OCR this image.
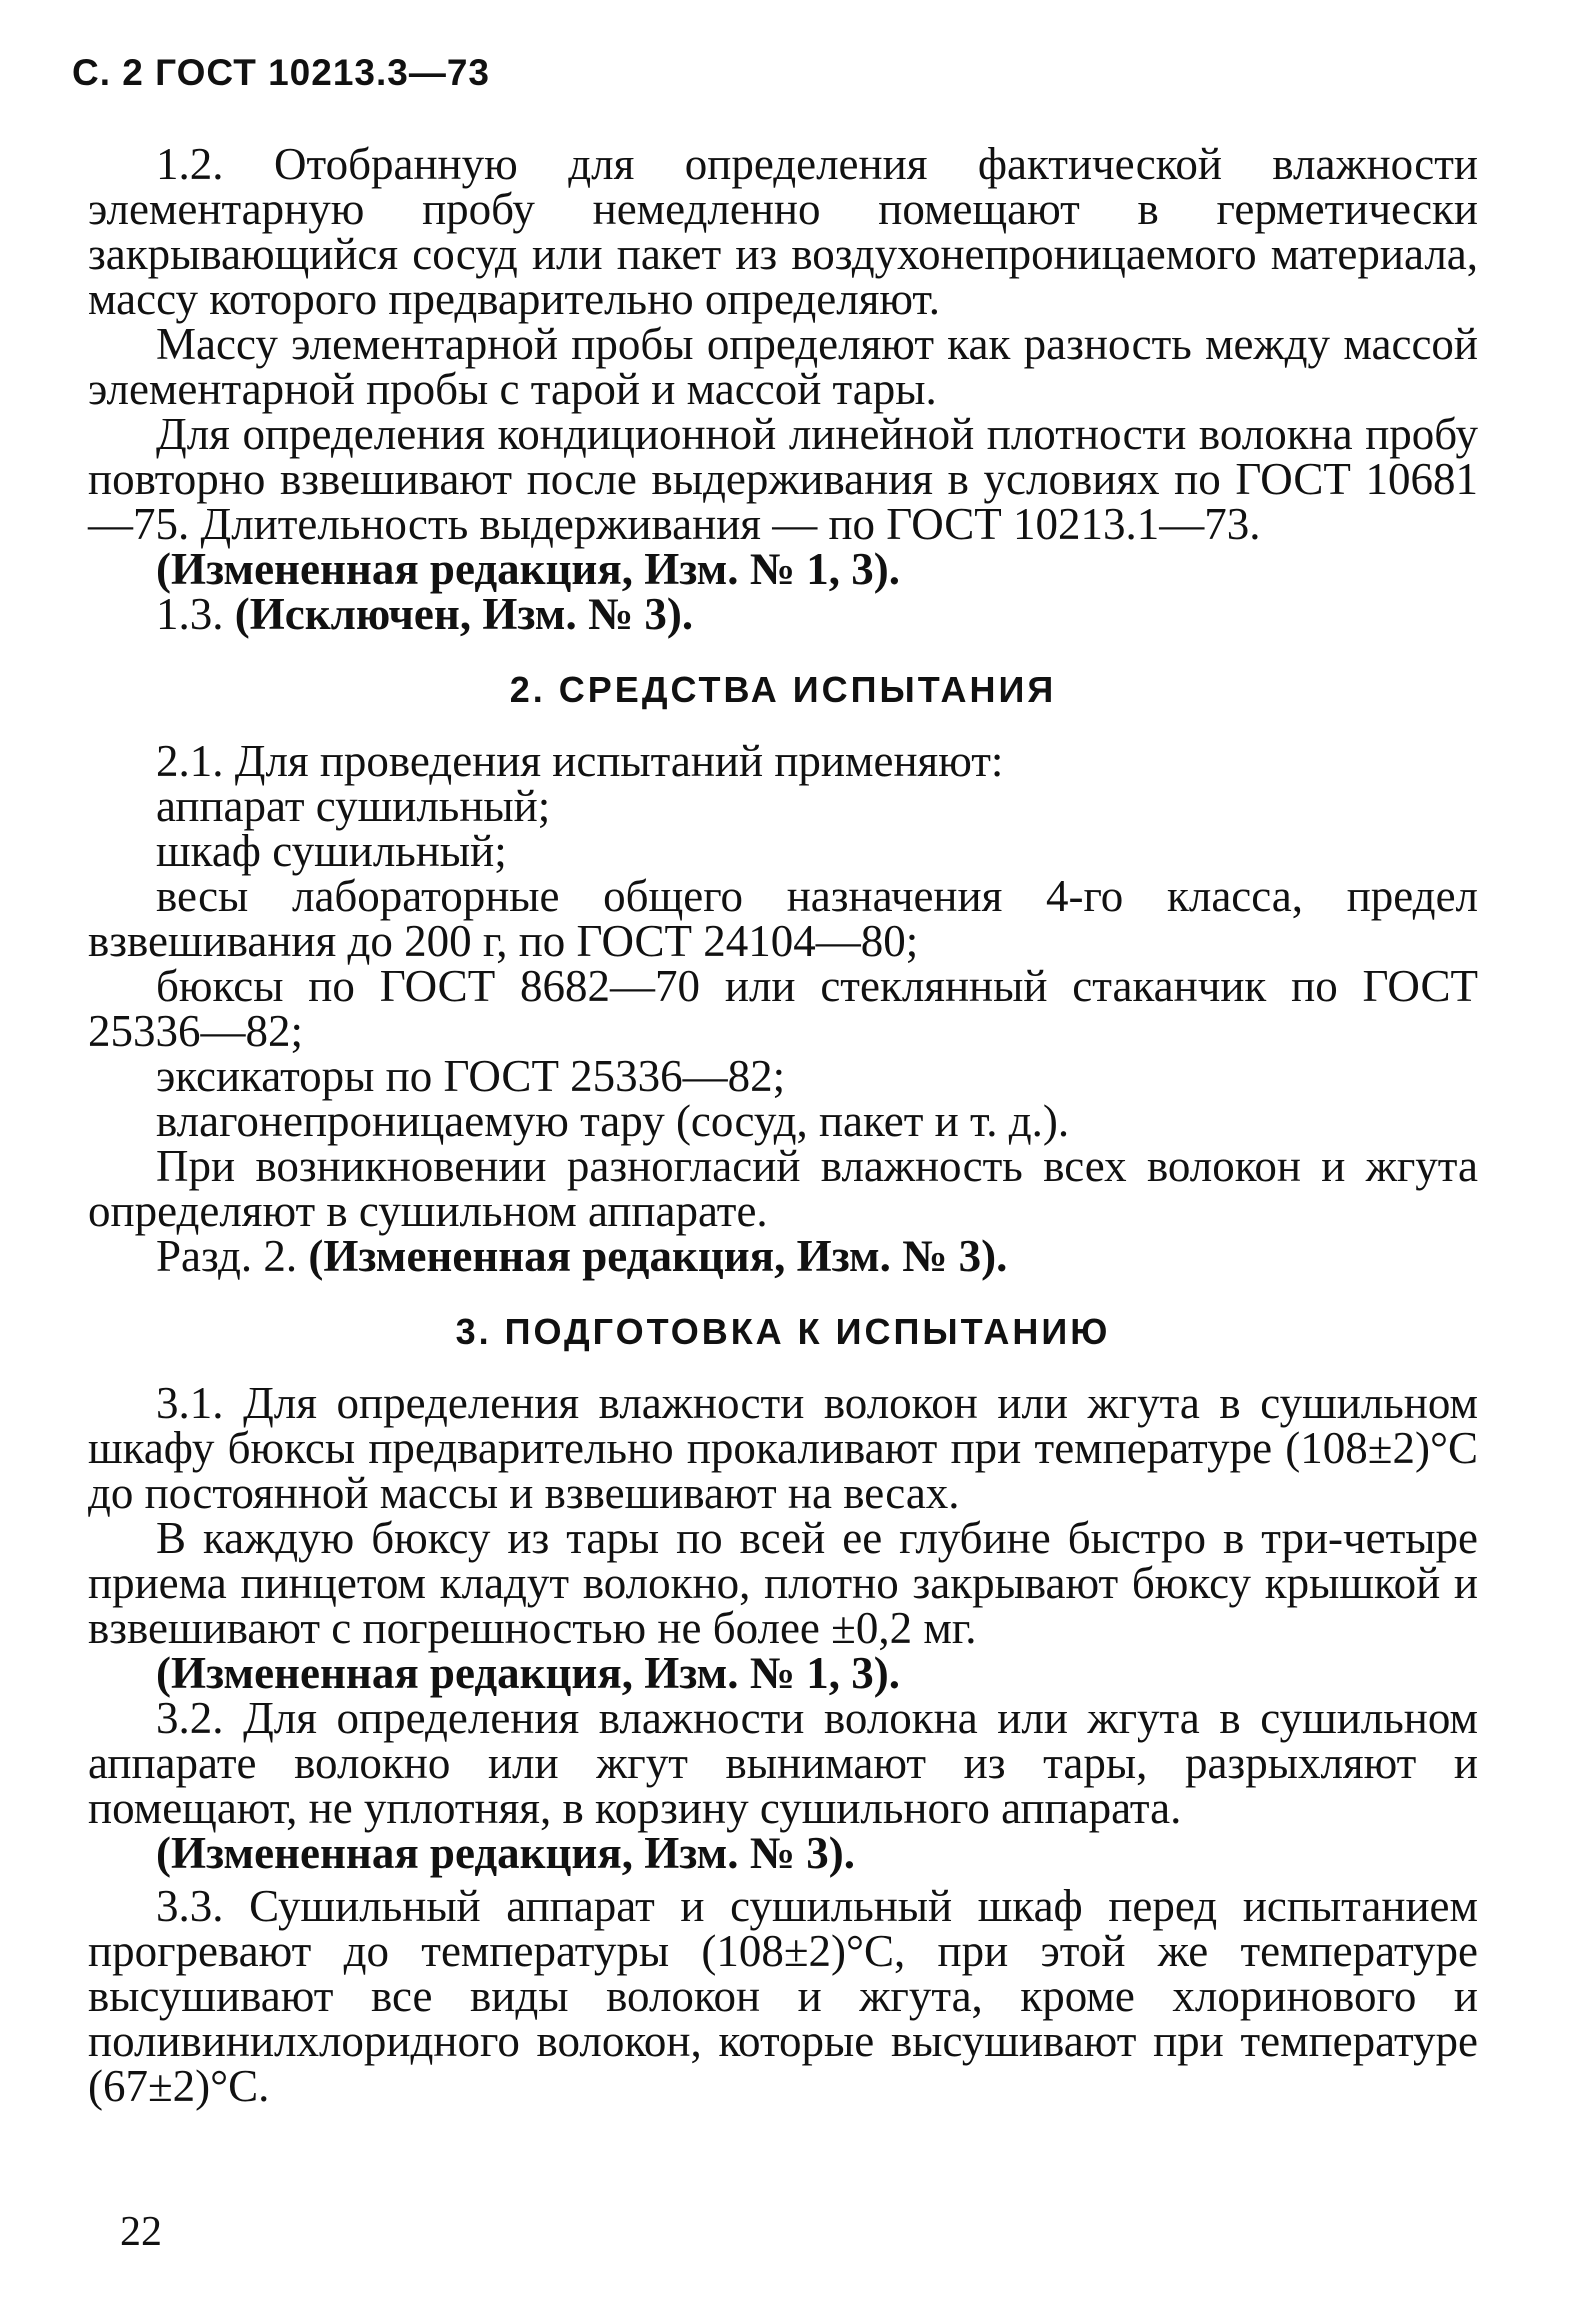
С. 2 ГОСТ 10213.3—73

1.2. Отобранную для определения фактической влажности элементарную пробу немедленно помещают в герметически закрывающийся сосуд или пакет из воздухонепроницаемого материала, массу которого предварительно определяют.

Массу элементарной пробы определяют как разность между массой элементарной пробы с тарой и массой тары.

Для определения кондиционной линейной плотности волокна пробу повторно взвешивают после выдерживания в условиях по ГОСТ 10681—75. Длительность выдерживания — по ГОСТ 10213.1—73.

(Измененная редакция, Изм. № 1, 3).

1.3. (Исключен, Изм. № 3).

2. СРЕДСТВА ИСПЫТАНИЯ

2.1. Для проведения испытаний применяют:

аппарат сушильный;

шкаф сушильный;

весы лабораторные общего назначения 4-го класса, предел взвешивания до 200 г, по ГОСТ 24104—80;

бюксы по ГОСТ 8682—70 или стеклянный стаканчик по ГОСТ 25336—82;

эксикаторы по ГОСТ 25336—82;

влагонепроницаемую тару (сосуд, пакет и т. д.).

При возникновении разногласий влажность всех волокон и жгута определяют в сушильном аппарате.

Разд. 2. (Измененная редакция, Изм. № 3).

3. ПОДГОТОВКА К ИСПЫТАНИЮ

3.1. Для определения влажности волокон или жгута в сушильном шкафу бюксы предварительно прокаливают при температуре (108±2)°С до постоянной массы и взвешивают на весах.

В каждую бюксу из тары по всей ее глубине быстро в три-четыре приема пинцетом кладут волокно, плотно закрывают бюксу крышкой и взвешивают с погрешностью не более ±0,2 мг.

(Измененная редакция, Изм. № 1, 3).

3.2. Для определения влажности волокна или жгута в сушильном аппарате волокно или жгут вынимают из тары, разрыхляют и помещают, не уплотняя, в корзину сушильного аппарата.

(Измененная редакция, Изм. № 3).

3.3. Сушильный аппарат и сушильный шкаф перед испытанием прогревают до температуры (108±2)°С, при этой же температуре высушивают все виды волокон и жгута, кроме хлоринового и поливинилхлоридного волокон, которые высушивают при температуре (67±2)°С.

22
